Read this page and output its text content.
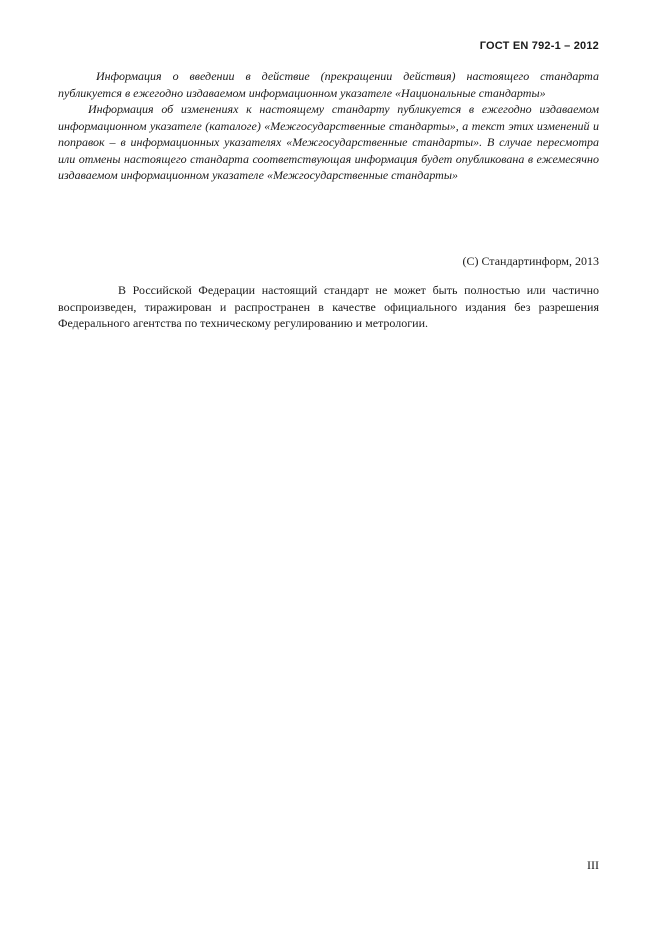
ГОСТ EN 792-1 – 2012

Информация о введении в действие (прекращении действия) настоящего стандарта публикуется в ежегодно издаваемом информационном указателе «Национальные стандарты»

Информация об изменениях к настоящему стандарту публикуется в ежегодно издаваемом информационном указателе (каталоге) «Межгосударственные стандарты», а текст этих изменений и поправок – в информационных указателях «Межгосударственные стандарты». В случае пересмотра или отмены настоящего стандарта соответствующая информация будет опубликована в ежемесячно издаваемом информационном указателе «Межгосударственные стандарты»

(C) Стандартинформ, 2013

В Российской Федерации настоящий стандарт не может быть полностью или частично воспроизведен, тиражирован и распространен в качестве официального издания без разрешения Федерального агентства по техническому регулированию и метрологии.

III
